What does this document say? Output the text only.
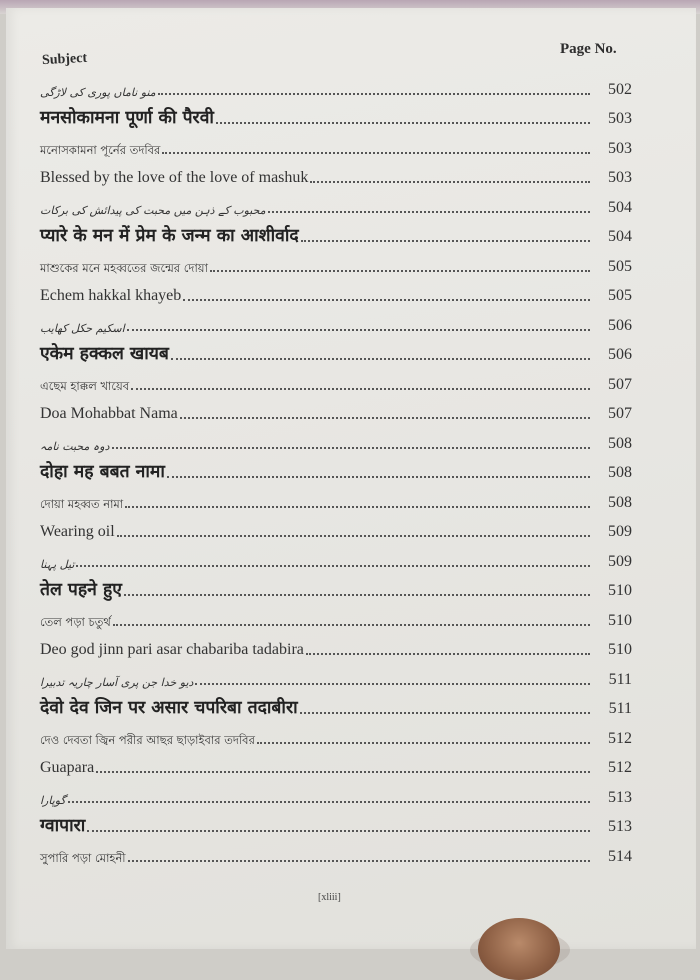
Subject
Page No.
منو ناماں پوری کی لاڑگی	502
मनसोकामना पूर्णा की पैरवी	503
মনোসকামনা পূর্নের তদবির	503
Blessed by the love of the love of mashuk	503
محبوب کے ذہن میں محبت کی پیدائش کی برکات	504
प्यारे के मन में प्रेम के जन्म का आशीर्वाद	504
মাশুকের মনে মহব্বতের জন্মের দোয়া	505
Echem hakkal khayeb	505
اسکیم حکل کھایب	506
एकेम हक्कल खायब	506
এছেম হাক্কল খায়েব	507
Doa Mohabbat Nama	507
دوہ محبت نامہ	508
दोहा मह बबत नामा	508
দোয়া মহব্বত নামা	508
Wearing oil	509
تیل پہنا	509
तेल पहने हुए	510
তেল পড়া চতুর্থ	510
Deo god jinn pari asar chabariba tadabira	510
دیو خدا جن پری آسار چاریہ تدبیرا	511
देवो देव जिन पर असार चपरिबा तदाबीरा	511
দেও দেবতা জ্বিন পরীর আছর ছাড়াইবার তদবির	512
Guapara	512
گوپارا	513
ग्वापारा	513
সুপারি পড়া মোহনী	514
[xliii]
